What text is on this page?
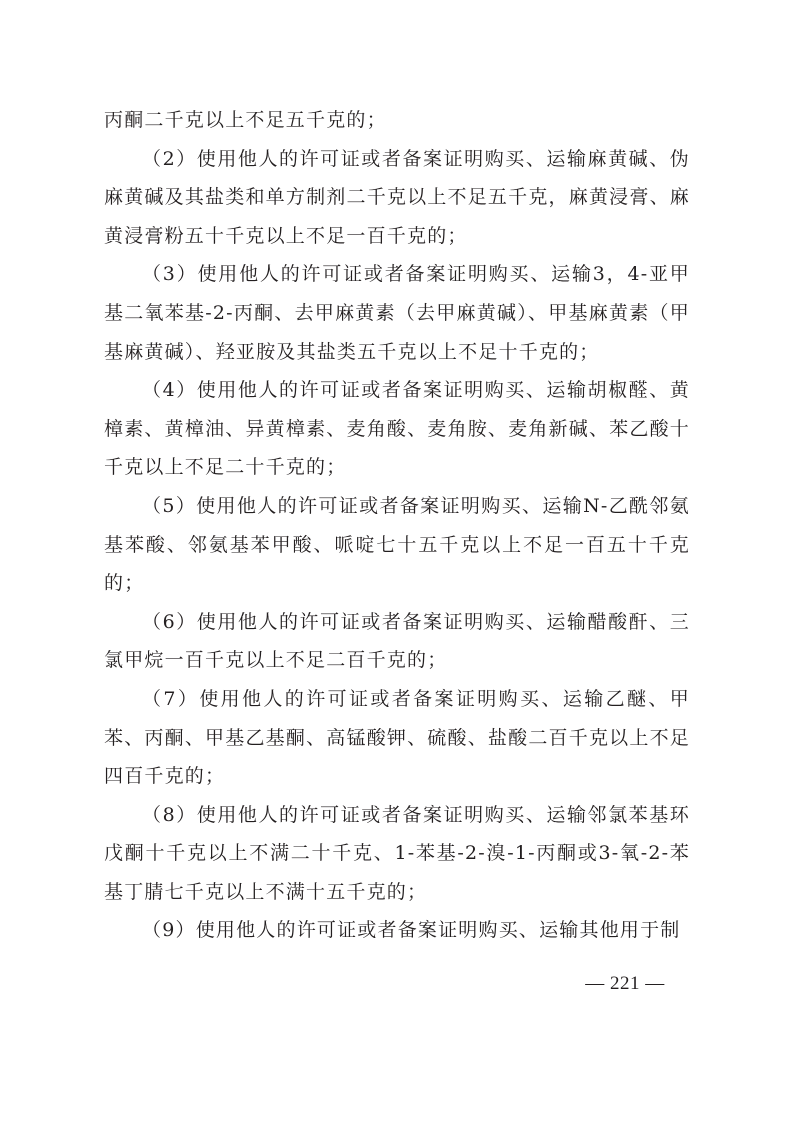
丙酮二千克以上不足五千克的；

（2）使用他人的许可证或者备案证明购买、运输麻黄碱、伪麻黄碱及其盐类和单方制剂二千克以上不足五千克，麻黄浸膏、麻黄浸膏粉五十千克以上不足一百千克的；

（3）使用他人的许可证或者备案证明购买、运输3，4-亚甲基二氧苯基-2-丙酮、去甲麻黄素（去甲麻黄碱）、甲基麻黄素（甲基麻黄碱）、羟亚胺及其盐类五千克以上不足十千克的；

（4）使用他人的许可证或者备案证明购买、运输胡椒醛、黄樟素、黄樟油、异黄樟素、麦角酸、麦角胺、麦角新碱、苯乙酸十千克以上不足二十千克的；

（5）使用他人的许可证或者备案证明购买、运输N-乙酰邻氨基苯酸、邻氨基苯甲酸、哌啶七十五千克以上不足一百五十千克的；

（6）使用他人的许可证或者备案证明购买、运输醋酸酐、三氯甲烷一百千克以上不足二百千克的；

（7）使用他人的许可证或者备案证明购买、运输乙醚、甲苯、丙酮、甲基乙基酮、高锰酸钾、硫酸、盐酸二百千克以上不足四百千克的；

（8）使用他人的许可证或者备案证明购买、运输邻氯苯基环戊酮十千克以上不满二十千克、1-苯基-2-溴-1-丙酮或3-氧-2-苯基丁腈七千克以上不满十五千克的；

（9）使用他人的许可证或者备案证明购买、运输其他用于制

— 221 —
